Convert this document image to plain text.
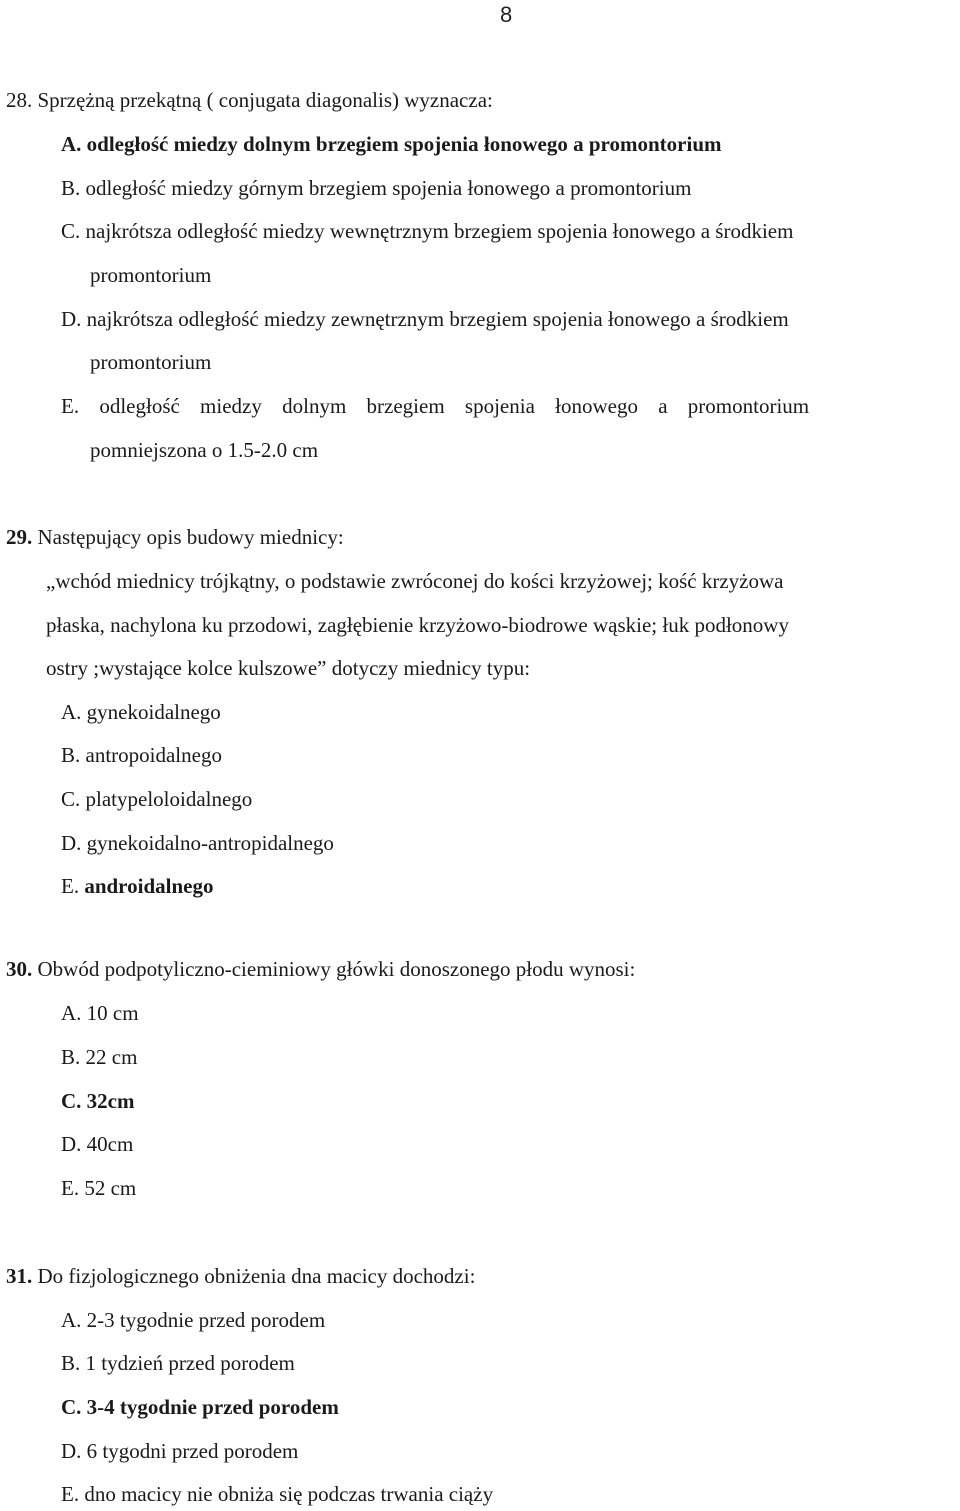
8
28. Sprzężną przekątną ( conjugata diagonalis) wyznacza:
A. odległość miedzy dolnym brzegiem spojenia łonowego a promontorium
B. odległość miedzy górnym brzegiem spojenia łonowego a promontorium
C. najkrótsza odległość miedzy wewnętrznym brzegiem spojenia łonowego a środkiem
promontorium
D. najkrótsza odległość miedzy zewnętrznym brzegiem spojenia łonowego a środkiem
promontorium
E. odległość miedzy dolnym brzegiem spojenia łonowego a promontorium
pomniejszona o 1.5-2.0 cm
29. Następujący opis budowy miednicy:
„wchód miednicy trójkątny, o podstawie zwróconej do kości krzyżowej; kość krzyżowa
płaska, nachylona ku przodowi, zagłębienie krzyżowo-biodrowe wąskie; łuk podłonowy
ostry ;wystające kolce kulszowe” dotyczy miednicy typu:
A. gynekoidalnego
B. antropoidalnego
C. platypeloloidalnego
D. gynekoidalno-antropidalnego
E. androidalnego
30. Obwód podpotyliczno-cieminiowy główki donoszonego płodu wynosi:
A. 10 cm
B. 22 cm
C. 32cm
D. 40cm
E. 52 cm
31. Do fizjologicznego obniżenia dna macicy dochodzi:
A. 2-3 tygodnie przed porodem
B. 1 tydzień przed porodem
C. 3-4 tygodnie przed porodem
D. 6 tygodni przed porodem
E. dno macicy nie obniża się podczas trwania ciąży
